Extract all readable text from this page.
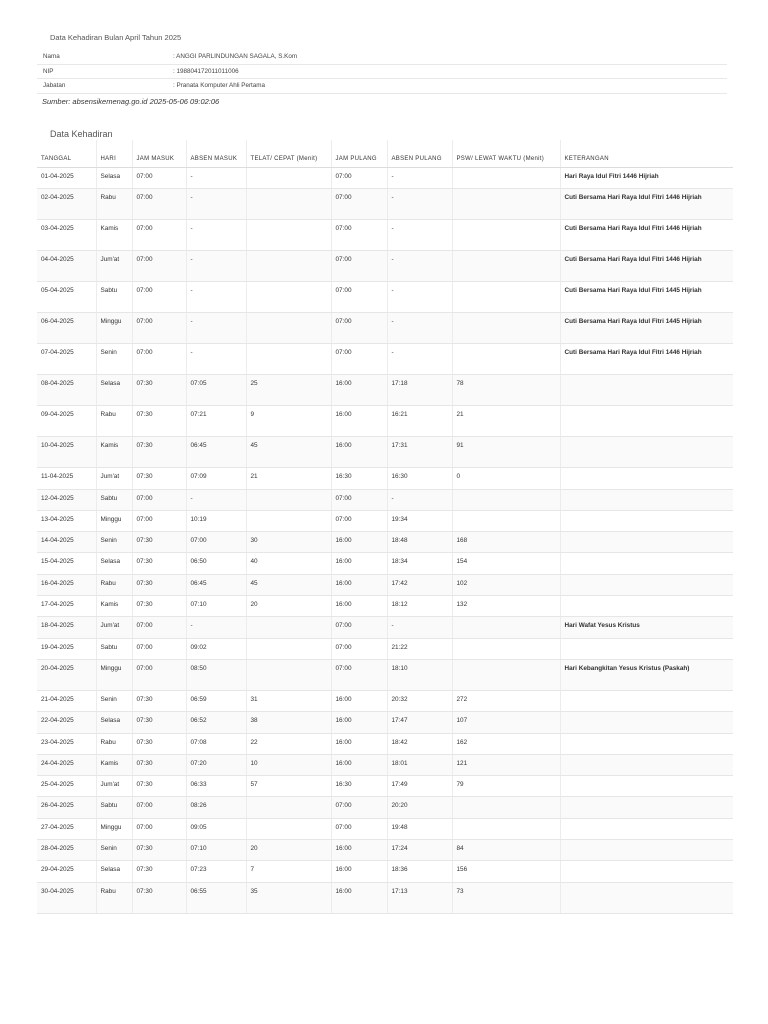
Data Kehadiran Bulan April Tahun 2025
Nama	: ANGGI PARLINDUNGAN SAGALA, S.Kom
NIP	: 198804172011011006
Jabatan	: Pranata Komputer Ahli Pertama
Sumber: absensikemenag.go.id 2025-05-06 09:02:06
Data Kehadiran
TANGGAL	HARI	JAM MASUK	ABSEN MASUK	TELAT/ CEPAT (Menit)	JAM PULANG	ABSEN PULANG	PSW/ LEWAT WAKTU (Menit)	KETERANGAN
01-04-2025	Selasa	07:00	-		07:00	-		Hari Raya Idul Fitri 1446 Hijriah
02-04-2025	Rabu	07:00	-		07:00	-		Cuti Bersama Hari Raya Idul Fitri 1446 Hijriah
03-04-2025	Kamis	07:00	-		07:00	-		Cuti Bersama Hari Raya Idul Fitri 1446 Hijriah
04-04-2025	Jum'at	07:00	-		07:00	-		Cuti Bersama Hari Raya Idul Fitri 1446 Hijriah
05-04-2025	Sabtu	07:00	-		07:00	-		Cuti Bersama Hari Raya Idul Fitri 1445 Hijriah
06-04-2025	Minggu	07:00	-		07:00	-		Cuti Bersama Hari Raya Idul Fitri 1445 Hijriah
07-04-2025	Senin	07:00	-		07:00	-		Cuti Bersama Hari Raya Idul Fitri 1446 Hijriah
08-04-2025	Selasa	07:30	07:05	25	16:00	17:18	78	
09-04-2025	Rabu	07:30	07:21	9	16:00	16:21	21	
10-04-2025	Kamis	07:30	06:45	45	16:00	17:31	91	
11-04-2025	Jum'at	07:30	07:09	21	16:30	16:30	0	
12-04-2025	Sabtu	07:00	-		07:00	-		
13-04-2025	Minggu	07:00	10:19		07:00	19:34		
14-04-2025	Senin	07:30	07:00	30	16:00	18:48	168	
15-04-2025	Selasa	07:30	06:50	40	16:00	18:34	154	
16-04-2025	Rabu	07:30	06:45	45	16:00	17:42	102	
17-04-2025	Kamis	07:30	07:10	20	16:00	18:12	132	
18-04-2025	Jum'at	07:00	-		07:00	-		Hari Wafat Yesus Kristus
19-04-2025	Sabtu	07:00	09:02		07:00	21:22		
20-04-2025	Minggu	07:00	08:50		07:00	18:10		Hari Kebangkitan Yesus Kristus (Paskah)
21-04-2025	Senin	07:30	06:59	31	16:00	20:32	272	
22-04-2025	Selasa	07:30	06:52	38	16:00	17:47	107	
23-04-2025	Rabu	07:30	07:08	22	16:00	18:42	162	
24-04-2025	Kamis	07:30	07:20	10	16:00	18:01	121	
25-04-2025	Jum'at	07:30	06:33	57	16:30	17:49	79	
26-04-2025	Sabtu	07:00	08:26		07:00	20:20		
27-04-2025	Minggu	07:00	09:05		07:00	19:48		
28-04-2025	Senin	07:30	07:10	20	16:00	17:24	84	
29-04-2025	Selasa	07:30	07:23	7	16:00	18:36	156	
30-04-2025	Rabu	07:30	06:55	35	16:00	17:13	73	
